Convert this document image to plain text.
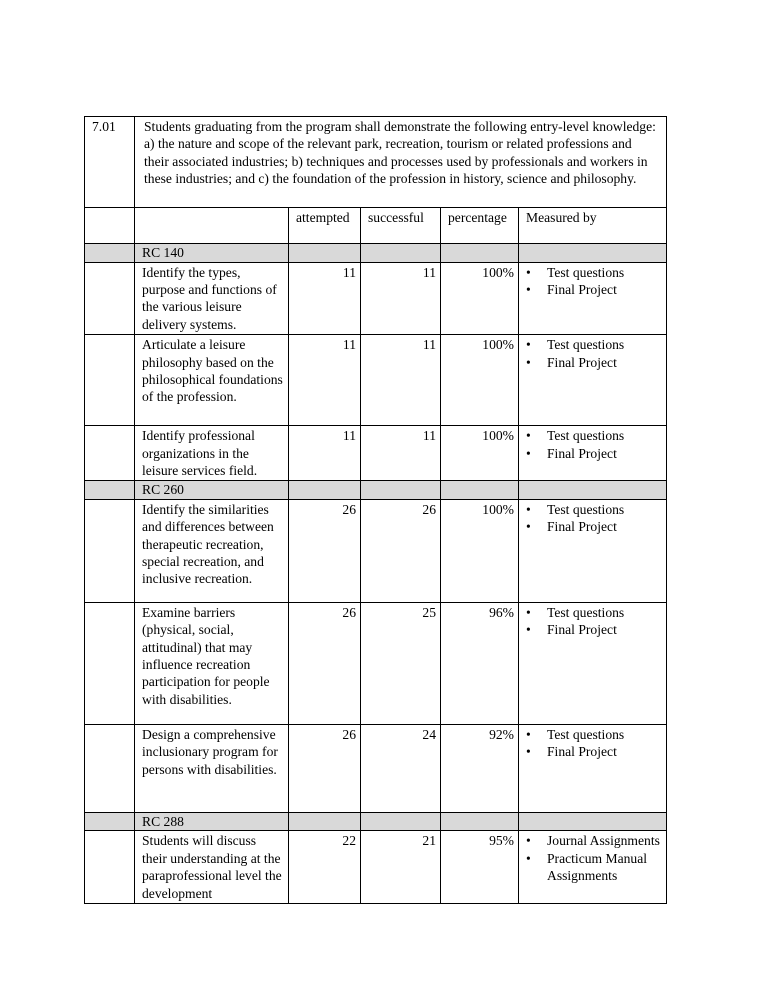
7.01	Students graduating from the program shall demonstrate the following entry-level knowledge: a) the nature and scope of the relevant park, recreation, tourism or related professions and their associated industries; b) techniques and processes used by professionals and workers in these industries; and c) the foundation of the profession in history, science and philosophy.				
		attempted	successful	percentage	Measured by
	RC 140				
	Identify the types, purpose and functions of the various leisure delivery systems.	11	11	100%	• Test questions
• Final Project

	Articulate a leisure philosophy based on the philosophical foundations of the profession.	11	11	100%	• Test questions
• Final Project

	Identify professional organizations in the leisure services field.	11	11	100%	• Test questions
• Final Project

	RC 260				
	Identify the similarities and differences between therapeutic recreation, special recreation, and inclusive recreation.	26	26	100%	• Test questions
• Final Project

	Examine barriers (physical, social, attitudinal) that may influence recreation participation for people with disabilities.	26	25	96%	• Test questions
• Final Project

	Design a comprehensive inclusionary program for persons with disabilities.	26	24	92%	• Test questions
• Final Project

	RC 288				
	Students will discuss their understanding at the paraprofessional level the development	22	21	95%	• Journal Assignments
• Practicum Manual Assignments
